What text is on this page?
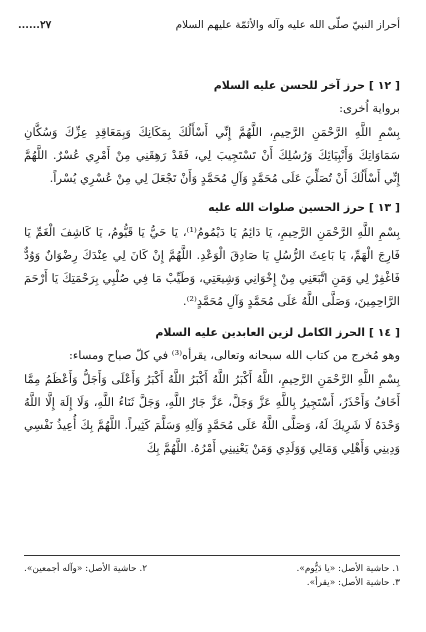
أحراز النبيّ صلّى الله عليه وآله والأئمّة عليهم السلام
......٢٧
[ ١٢ ] حرز آخر للحسن عليه السلام
برواية اُخرى:

بِسْمِ اللَّهِ الرَّحْمَنِ الرَّحِيمِ، اللَّهُمَّ إِنِّي أَسْأَلُكَ بِمَكَانِكَ وَبِمَعَاقِدِ عِزِّكَ وَسُكَّانِ سَمَاوَاتِكَ وَأَنْبِيَائِكَ وَرُسُلِكَ أَنْ تَسْتَجِيبَ لِي، فَقَدْ رَهِقَنِي مِنْ أَمْرِي عُسْرٌ. اللَّهُمَّ إِنِّي أَسْأَلُكَ أَنْ تُصَلِّيَ عَلَى مُحَمَّدٍ وَآلِ مُحَمَّدٍ وَأَنْ تَجْعَلَ لِي مِنْ عُسْرِي يُسْراً.

[ ١٣ ] حرز الحسين صلوات الله عليه

بِسْمِ اللَّهِ الرَّحْمَنِ الرَّحِيمِ، يَا دَائِمُ يَا دَيْمُومُ⁽¹⁾، يَا حَيُّ يَا قَيُّومُ، يَا كَاشِفَ الْغَمِّ يَا فَارِجَ الْهَمِّ، يَا بَاعِثَ الرُّسُلِ يَا صَادِقَ الْوَعْدِ. اللَّهُمَّ إِنْ كَانَ لِي عِنْدَكَ رِضْوَانٌ وَوُدٌّ فَاغْفِرْ لِي وَمَنِ اتَّبَعَنِي مِنْ إِخْوَانِي وَشِيعَتِي، وَطَيِّبْ مَا فِي صُلْبِي بِرَحْمَتِكَ يَا أَرْحَمَ الرَّاحِمِينَ، وَصَلَّى اللَّهُ عَلَى مُحَمَّدٍ وَآلِ مُحَمَّدٍ⁽²⁾.

[ ١٤ ] الحرز الكامل لزين العابدين عليه السلام
وهو مُخرج من كتاب الله سبحانه وتعالى، يقرأه⁽³⁾ في كلّ صباح ومساء:

بِسْمِ اللَّهِ الرَّحْمَنِ الرَّحِيمِ، اللَّهُ أَكْبَرُ اللَّهُ أَكْبَرُ اللَّهُ أَكْبَرُ وَأَعْلَى وَأَجَلُّ وَأَعْظَمُ مِمَّا أَخَافُ وَأَحْذَرُ، أَسْتَجِيرُ بِاللَّهِ عَزَّ وَجَلَّ، عَزَّ جَارُ اللَّهِ، وَجَلَّ ثَنَاءُ اللَّهِ، وَلَا إِلَهَ إِلَّا اللَّهُ وَحْدَهُ لَا شَرِيكَ لَهُ، وَصَلَّى اللَّهُ عَلَى مُحَمَّدٍ وَآلِهِ وَسَلَّمَ كَثِيراً. اللَّهُمَّ بِكَ أُعِيذُ نَفْسِي وَدِينِي وَأَهْلِي وَمَالِي وَوَلَدِي وَمَنْ يَعْنِينِي أَمْرُهُ. اللَّهُمَّ بِكَ

١. حاشية الأصل: «يا دَيُّوم».
٢. حاشية الأصل: «وآله أجمعين».
٣. حاشية الأصل: «يقرأ».
